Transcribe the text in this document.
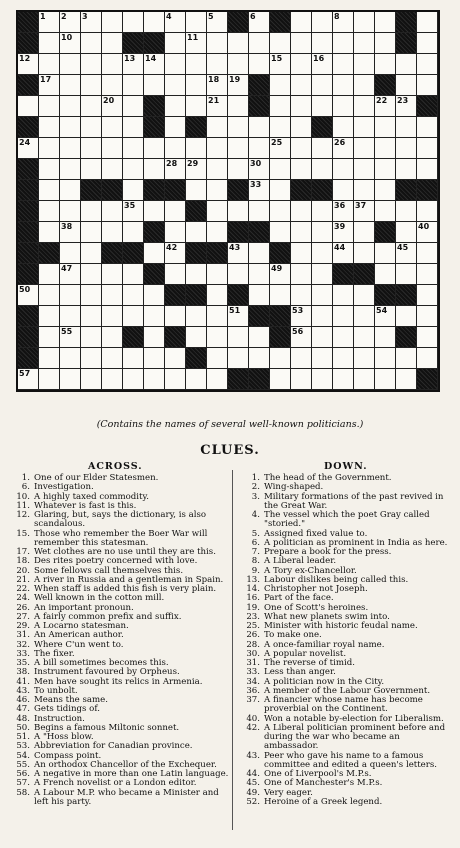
1 2 3	4	5	6	8
10	11
12	13 14	15	16
17	18 19
20	21	22 23
24	25	26
28 29	30
33
35	36 37
38	39	40
42	43	44	45
47	49
50
51	53	54
55	56
57
(Contains the names of several well-known politicians.)
CLUES.
ACROSS.	DOWN.
1. One of our Elder Statesmen.
6. Investigation.
10. A highly taxed commodity.
11. Whatever is fast is this.
12. Glaring, but, says the dictionary, is also scandalous.
15. Those who remember the Boer War will remember this statesman.
17. Wet clothes are no use until they are this.
18. Des rites poetry concerned with love.
20. Some fellows call themselves this.
21. A river in Russia and a gentleman in Spain.
22. When staff is added this fish is very plain.
24. Well known in the cotton mill.
26. An important pronoun.
27. A fairly common prefix and suffix.
29. A Locarno statesman.
31. An American author.
32. Where C'un went to.
33. The fixer.
35. A bill sometimes becomes this.
38. Instrument favoured by Orpheus.
41. Men have sought its relics in Armenia.
43. To unbolt.
46. Means the same.
47. Gets tidings of.
48. Instruction.
50. Begins a famous Miltonic sonnet.
51. A "Hoss blow.
53. Abbreviation for Canadian province.
54. Compass point.
55. An orthodox Chancellor of the Exchequer.
56. A negative in more than one Latin language.
57. A French novelist or a London editor.
58. A Labour M.P. who became a Minister and left his party.
1. The head of the Government.
2. Wing-shaped.
3. Military formations of the past revived in the Great War.
4. The vessel which the poet Gray called "storied."
5. Assigned fixed value to.
6. A politician as prominent in India as here.
7. Prepare a book for the press.
8. A Liberal leader.
9. A Tory ex-Chancellor.
13. Labour dislikes being called this.
14. Christopher not Joseph.
16. Part of the face.
19. One of Scott's heroines.
23. What new planets swim into.
25. Minister with historic feudal name.
26. To make one.
28. A once-familiar royal name.
30. A popular novelist.
31. The reverse of timid.
33. Less than anger.
34. A politician now in the City.
36. A member of the Labour Government.
37. A financier whose name has become proverbial on the Continent.
40. Won a notable by-election for Liberalism.
42. A Liberal politician prominent before and during the war who became an ambassador.
43. Peer who gave his name to a famous committee and edited a queen's letters.
44. One of Liverpool's M.P.s.
45. One of Manchester's M.P.s.
49. Very eager.
52. Heroine of a Greek legend.
